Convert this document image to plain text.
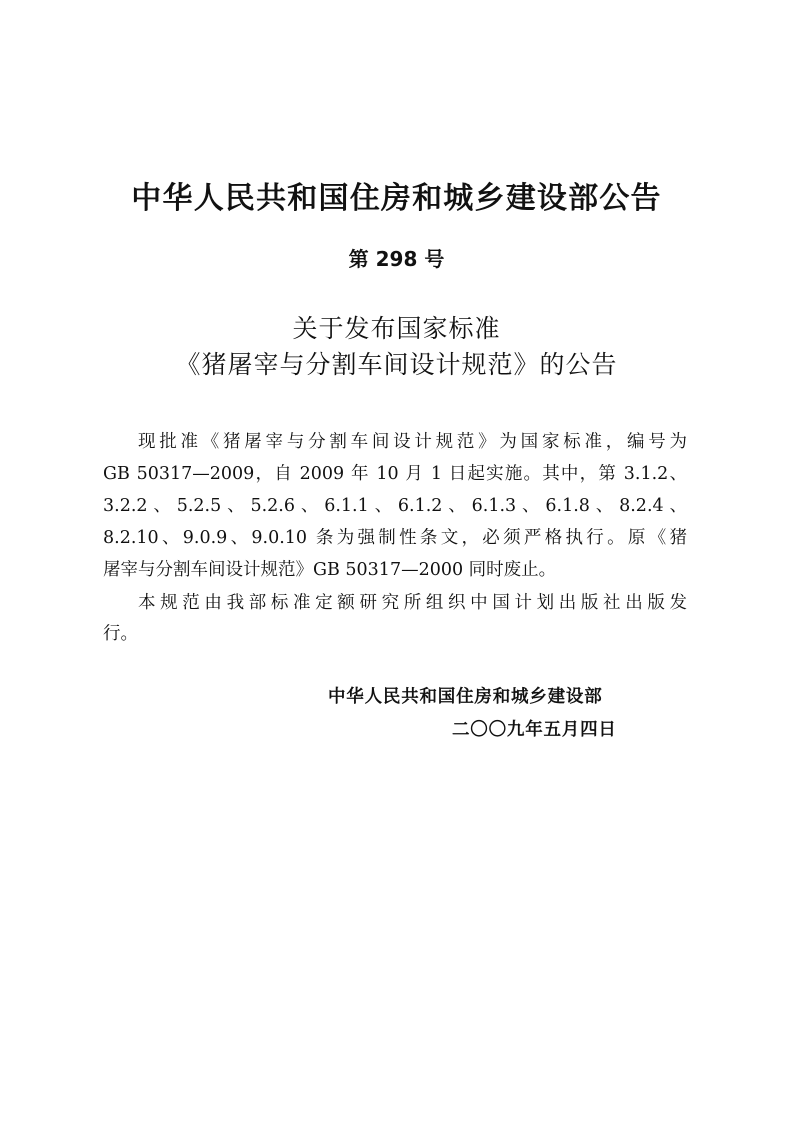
中华人民共和国住房和城乡建设部公告
第 298 号
关于发布国家标准
《猪屠宰与分割车间设计规范》的公告
现批准《猪屠宰与分割车间设计规范》为国家标准，编号为
GB 50317—2009，自 2009 年 10 月 1 日起实施。其中，第 3.1.2、
3.2.2、5.2.5、5.2.6、6.1.1、6.1.2、6.1.3、6.1.8、8.2.4、
8.2.10、9.0.9、9.0.10 条为强制性条文，必须严格执行。原《猪
屠宰与分割车间设计规范》GB 50317—2000 同时废止。
本规范由我部标准定额研究所组织中国计划出版社出版发
行。
中华人民共和国住房和城乡建设部
二〇〇九年五月四日
